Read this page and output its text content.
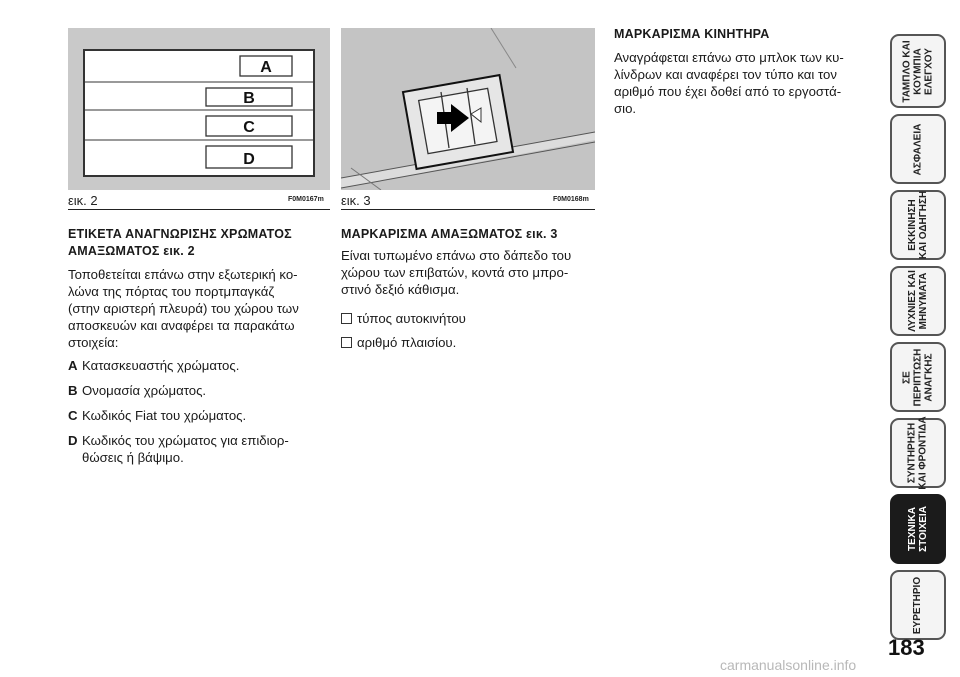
A
B
C
D
εικ. 2	F0M0167m εικ. 3	F0M0168m
ΕΤΙΚΕΤΑ ΑΝΑΓΝΩΡΙΣΗΣ ΧΡΩΜΑΤΟΣ
ΑΜΑΞΩΜΑΤΟΣ εικ. 2
Τοποθετείται επάνω στην εξωτερική κο-
λώνα της πόρτας του πορτμπαγκάζ
(στην αριστερή πλευρά) του χώρου των
αποσκευών και αναφέρει τα παρακάτω
στοιχεία:
A Κατασκευαστής χρώματος.
B Ονομασία χρώματος.
C Κωδικός Fiat του χρώματος.
D Κωδικός του χρώματος για επιδιορ-
θώσεις ή βάψιμο.
ΜΑΡΚΑΡΙΣΜΑ ΑΜΑΞΩΜΑΤΟΣ εικ. 3
Είναι τυπωμένο επάνω στο δάπεδο του
χώρου των επιβατών, κοντά στο μπρο-
στινό δεξιό κάθισμα.
τύπος αυτοκινήτου
αριθμό πλαισίου.
ΜΑΡΚΑΡΙΣΜΑ ΚΙΝΗΤΗΡΑ
Αναγράφεται επάνω στο μπλοκ των κυ-
λίνδρων και αναφέρει τον τύπο και τον
αριθμό που έχει δοθεί από το εργοστά-
σιο.
ΤΑΜΠΛΟ ΚΑΙ
ΚΟΥΜΠΙΑ
ΕΛΕΓΧΟΥ
ΑΣΦΑΛΕΙΑ
ΕΚΚΙΝΗΣΗ
ΚΑΙ ΟΔΗΓΗΣΗ
ΛΥΧΝΙΕΣ ΚΑΙ
ΜΗΝΥΜΑΤΑ
ΣΕ
ΠΕΡΙΠΤΩΣΗ
ΑΝΑΓΚΗΣ
ΣΥΝΤΗΡΗΣΗ
ΚΑΙ ΦΡΟΝΤΙΔΑ
ΤΕΧΝΙΚΑ
ΣΤΟΙΧΕΙΑ
ΕΥΡΕΤΗΡΙΟ
183
carmanualsonline.info
